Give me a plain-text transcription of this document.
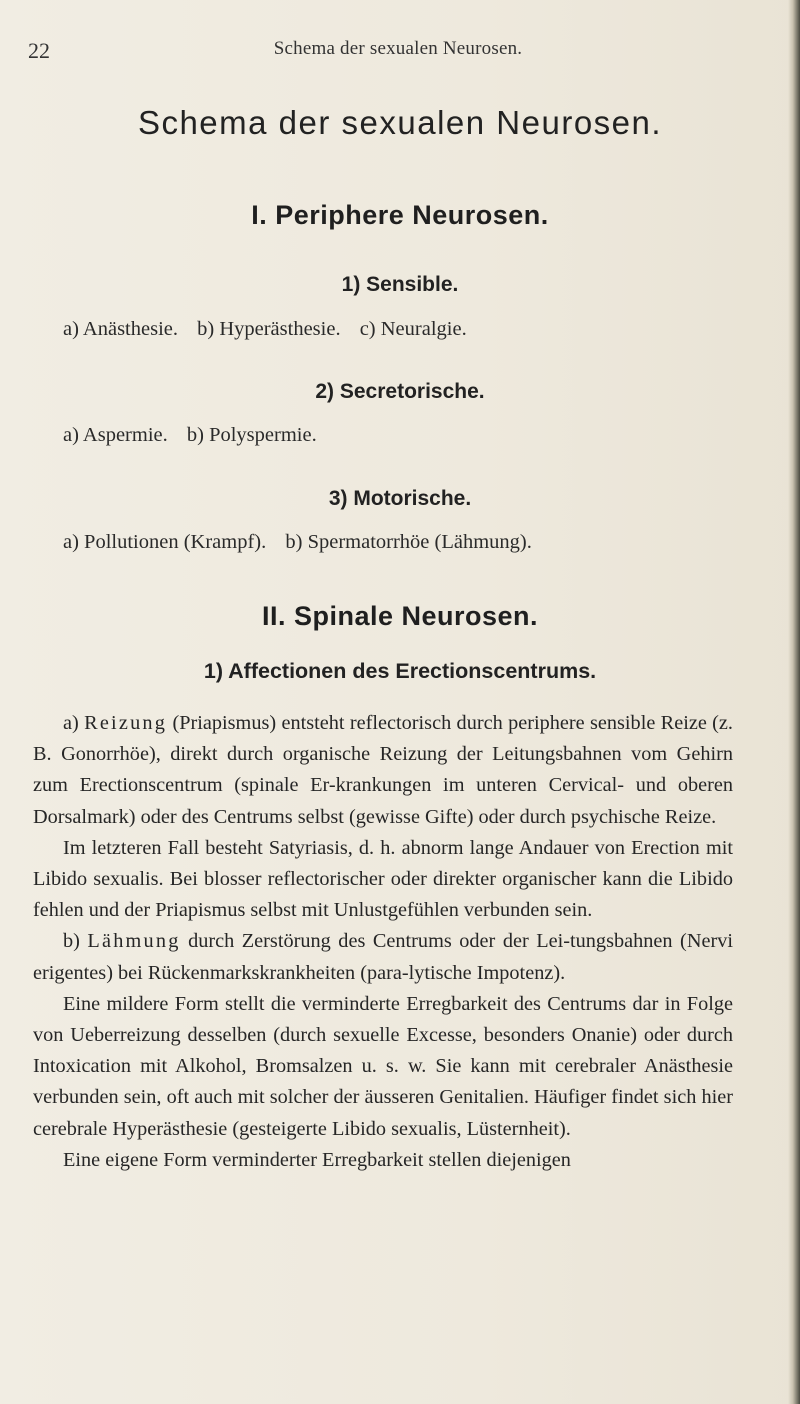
22	Schema der sexualen Neurosen.
Schema der sexualen Neurosen.
I. Periphere Neurosen.
1) Sensible.
a) Anästhesie. b) Hyperästhesie. c) Neuralgie.
2) Secretorische.
a) Aspermie. b) Polyspermie.
3) Motorische.
a) Pollutionen (Krampf). b) Spermatorrhöe (Lähmung).
II. Spinale Neurosen.
1) Affectionen des Erectionscentrums.

a) Reizung (Priapismus) entsteht reflectorisch durch periphere sensible Reize (z. B. Gonorrhöe), direkt durch organische Reizung der Leitungsbahnen vom Gehirn zum Erectionscentrum (spinale Er-krankungen im unteren Cervical- und oberen Dorsalmark) oder des Centrums selbst (gewisse Gifte) oder durch psychische Reize.

Im letzteren Fall besteht Satyriasis, d. h. abnorm lange Andauer von Erection mit Libido sexualis. Bei blosser reflectorischer oder direkter organischer kann die Libido fehlen und der Priapismus selbst mit Unlustgefühlen verbunden sein.

b) Lähmung durch Zerstörung des Centrums oder der Lei-tungsbahnen (Nervi erigentes) bei Rückenmarkskrankheiten (para-lytische Impotenz).

Eine mildere Form stellt die verminderte Erregbarkeit des Centrums dar in Folge von Ueberreizung desselben (durch sexuelle Excesse, besonders Onanie) oder durch Intoxication mit Alkohol, Bromsalzen u. s. w. Sie kann mit cerebraler Anästhesie verbunden sein, oft auch mit solcher der äusseren Genitalien. Häufiger findet sich hier cerebrale Hyperästhesie (gesteigerte Libido sexualis, Lüsternheit).

Eine eigene Form verminderter Erregbarkeit stellen diejenigen
